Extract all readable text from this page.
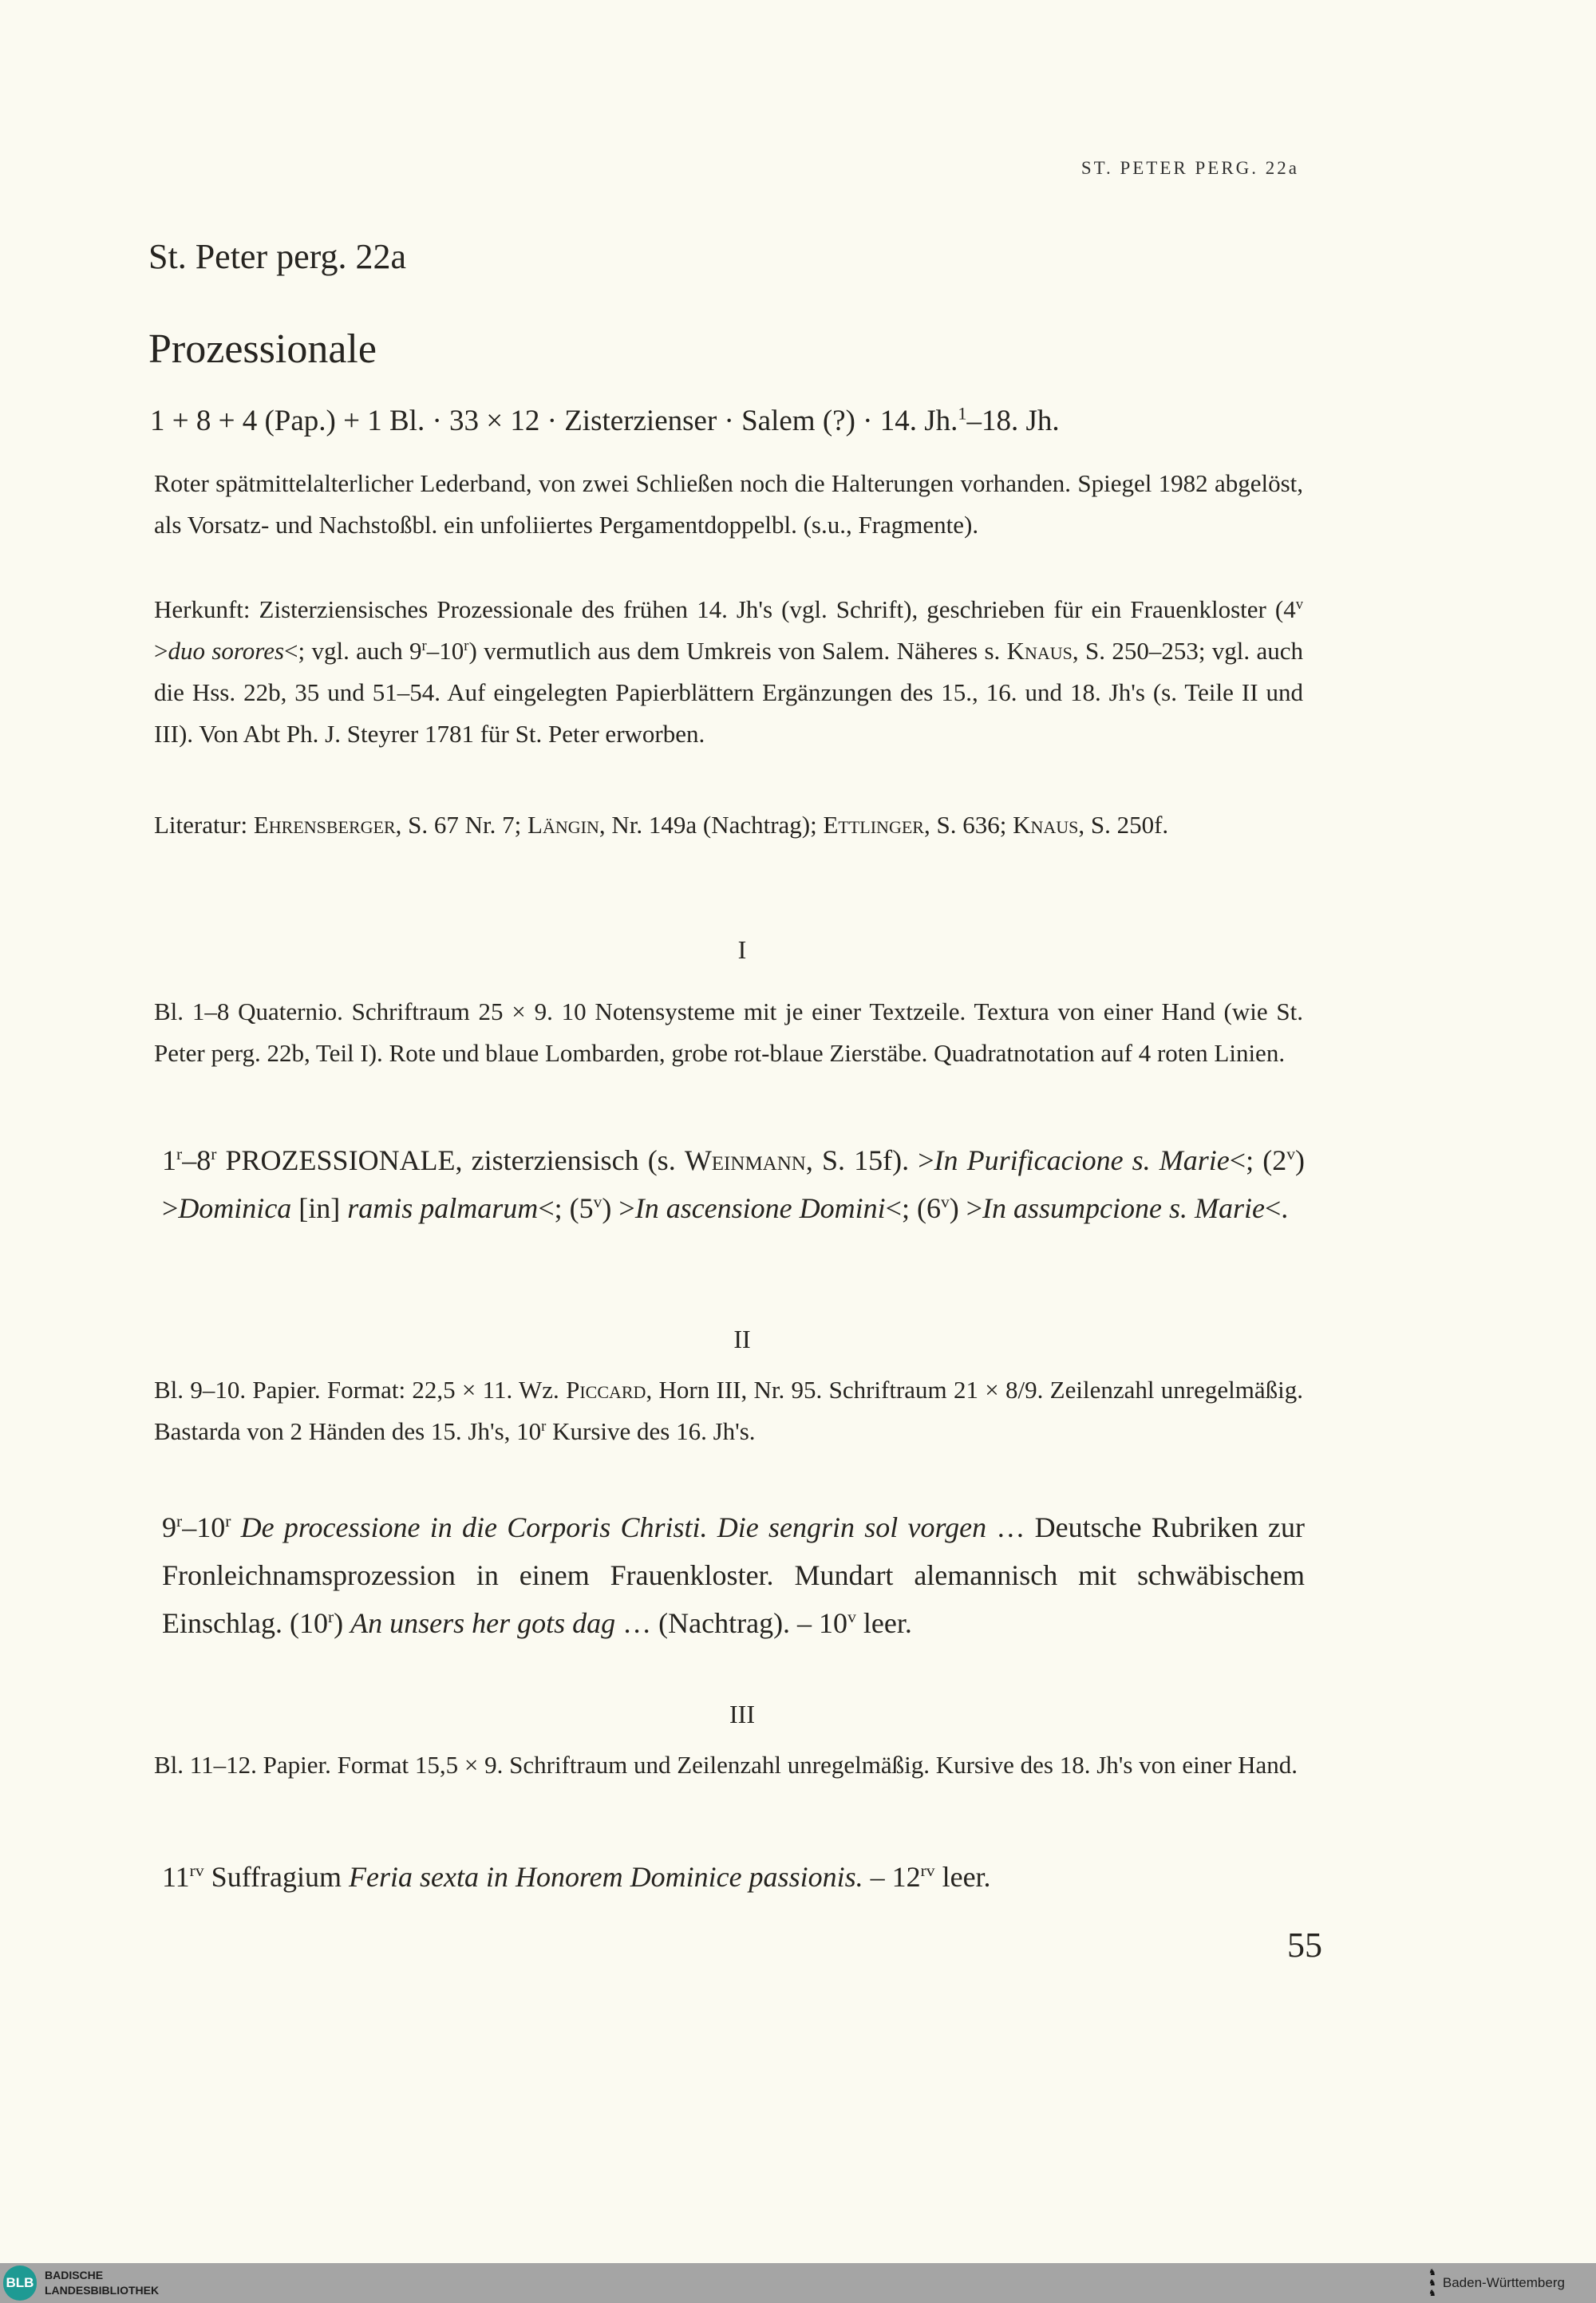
ST. PETER PERG. 22a
St. Peter perg. 22a
Prozessionale
1 + 8 + 4 (Pap.) + 1 Bl. · 33 × 12 · Zisterzienser · Salem (?) · 14. Jh.$^1$–18. Jh.
Roter spätmittelalterlicher Lederband, von zwei Schließen noch die Halterungen vorhanden. Spiegel 1982 abgelöst, als Vorsatz- und Nachstoßbl. ein unfoliiertes Pergamentdoppelbl. (s.u., Fragmente).
Herkunft: Zisterziensisches Prozessionale des frühen 14. Jh's (vgl. Schrift), geschrieben für ein Frauenkloster ($4^v >duo$ sorores<; vgl. auch 9$^r$–10$^r$) vermutlich aus dem Umkreis von Salem. Näheres s. Knaus, S. 250–253; vgl. auch die Hss. 22b, 35 und 51–54. Auf eingelegten Papierblättern Ergänzungen des 15., 16. und 18. Jh's (s. Teile II und III). Von Abt Ph. J. Steyrer 1781 für St. Peter erworben.
Literatur: Ehrensberger, S. 67 Nr. 7; Längin, Nr. 149a (Nachtrag); Ettlinger, S. 636; Knaus, S. 250f.
I
Bl. 1–8 Quaternio. Schriftraum 25 × 9. 10 Notensysteme mit je einer Textzeile. Textura von einer Hand (wie St. Peter perg. 22b, Teil I). Rote und blaue Lombarden, grobe rot-blaue Zierstäbe. Quadratnotation auf 4 roten Linien.
1$^r$–8$^r$ PROZESSIONALE, zisterziensisch (s. Weinmann, S. 15f). >In Purificacione s. Marie<; $(2^v)$ >Dominica [in] ramis palmarum<; $(5^v) >In$ ascensione Domini<; $(6^v) >In$ assumpcione s. Marie<.
II
Bl. 9–10. Papier. Format: 22,5 × 11. Wz. Piccard, Horn III, Nr. 95. Schriftraum 21 × 8/9. Zeilenzahl unregelmäßig. Bastarda von 2 Händen des 15. Jh's, 10$^r$ Kursive des 16. Jh's.
9$^r$–10$^r$ De processione in die Corporis Christi. Die sengrin sol vorgen … Deutsche Rubriken zur Fronleichnamsprozession in einem Frauenkloster. Mundart alemannisch mit schwäbischem Einschlag. (10$^r$) An unsers her gots dag … (Nachtrag). – 10$^v$ leer.
III
Bl. 11–12. Papier. Format 15,5 × 9. Schriftraum und Zeilenzahl unregelmäßig. Kursive des 18. Jh's von einer Hand.
$11^{rv}$ Suffragium Feria sexta in Honorem Dominice passionis. – $12^{rv}$ leer.
55
BLB BADISCHE
LANDESBIBLIOTHEK
♞
♞
♞
Baden-Württemberg
